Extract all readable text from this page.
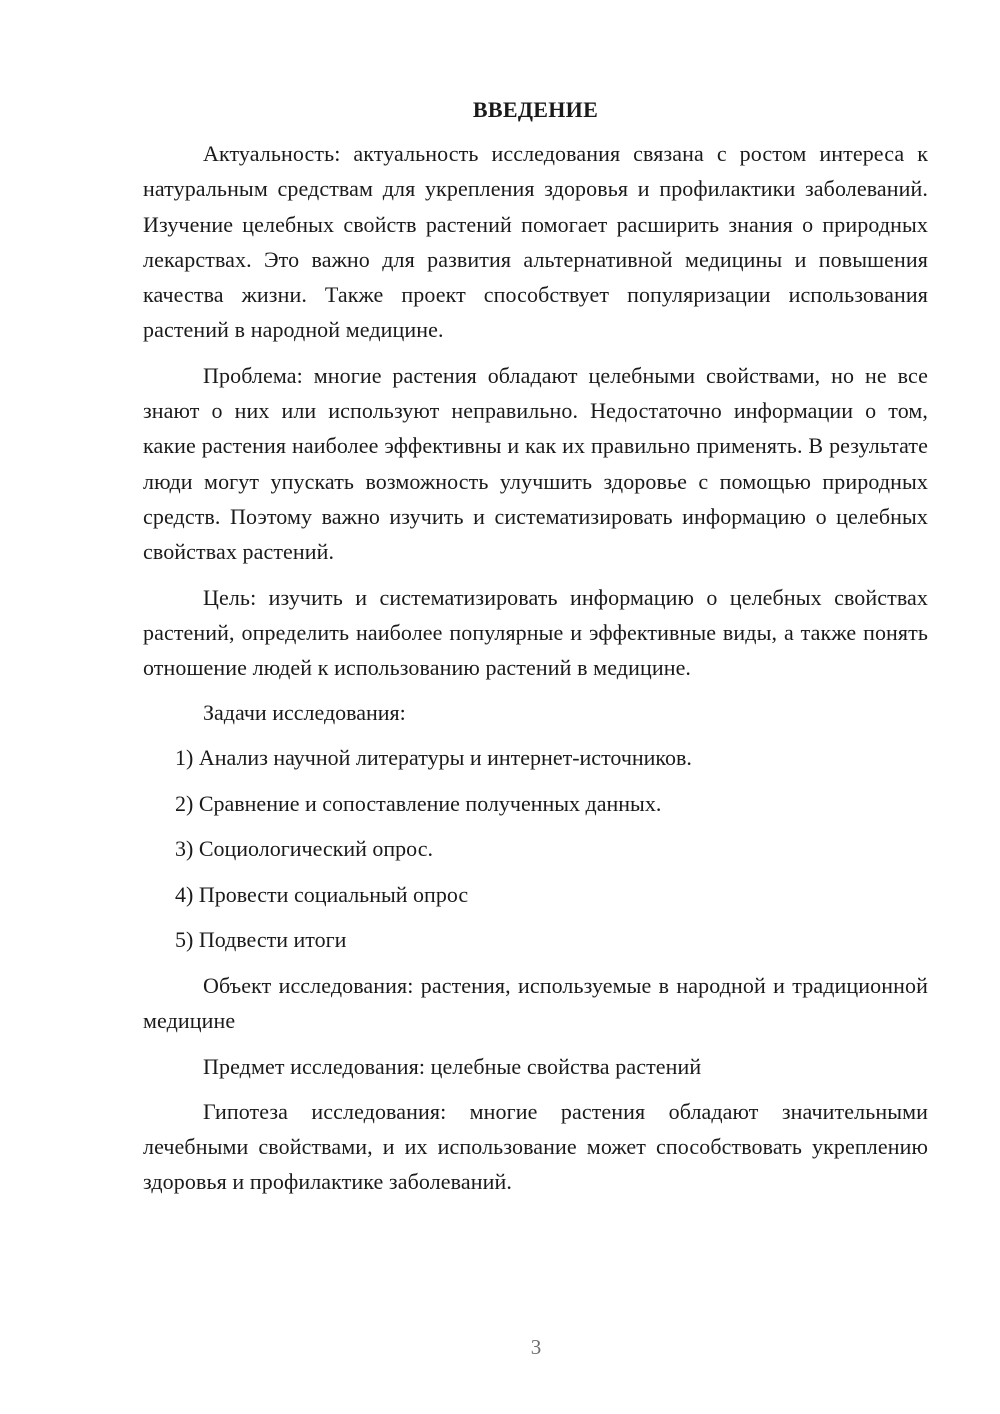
ВВЕДЕНИЕ

Актуальность: актуальность исследования связана с ростом интереса к натуральным средствам для укрепления здоровья и профилактики заболеваний. Изучение целебных свойств растений помогает расширить знания о природных лекарствах. Это важно для развития альтернативной медицины и повышения качества жизни. Также проект способствует популяризации использования растений в народной медицине.

Проблема: многие растения обладают целебными свойствами, но не все знают о них или используют неправильно. Недостаточно информации о том, какие растения наиболее эффективны и как их правильно применять. В результате люди могут упускать возможность улучшить здоровье с помощью природных средств. Поэтому важно изучить и систематизировать информацию о целебных свойствах растений.

Цель: изучить и систематизировать информацию о целебных свойствах растений, определить наиболее популярные и эффективные виды, а также понять отношение людей к использованию растений в медицине.

Задачи исследования:

1) Анализ научной литературы и интернет-источников.
2) Сравнение и сопоставление полученных данных.
3) Социологический опрос.
4) Провести социальный опрос
5) Подвести итоги

Объект исследования: растения, используемые в народной и традиционной медицине

Предмет исследования: целебные свойства растений

Гипотеза исследования: многие растения обладают значительными лечебными свойствами, и их использование может способствовать укреплению здоровья и профилактике заболеваний.

3
